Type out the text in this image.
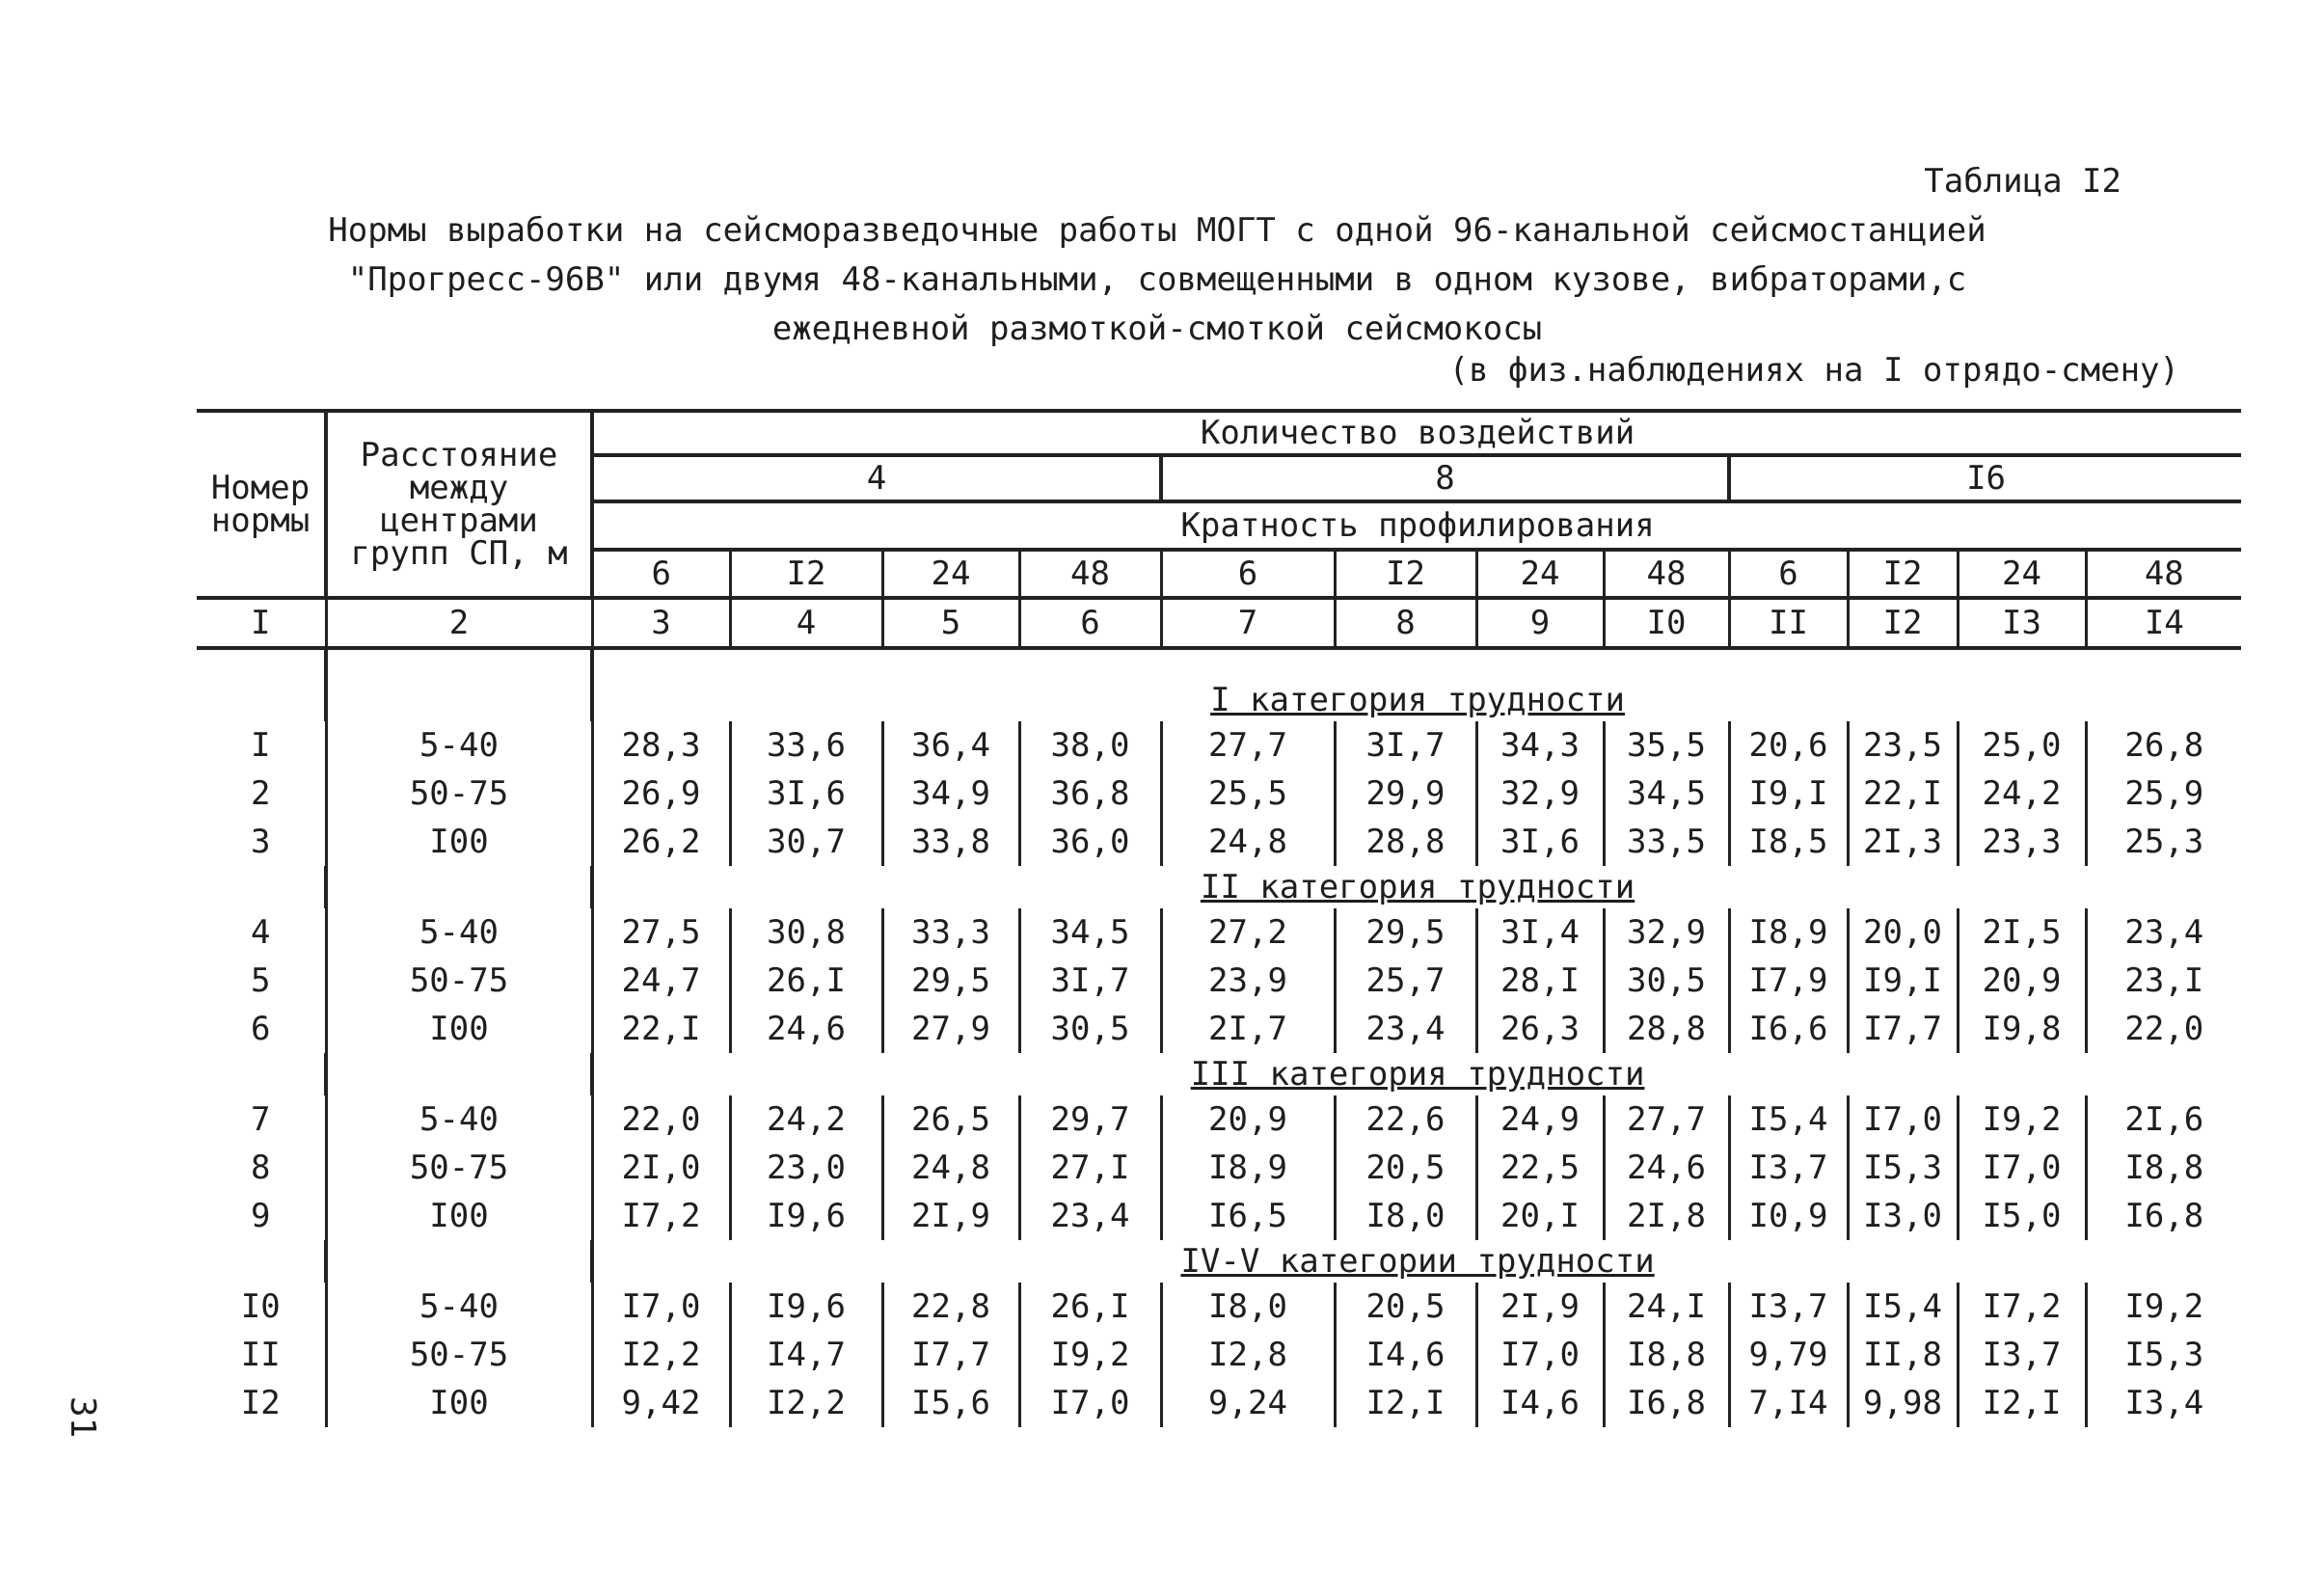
Таблица I2
Нормы выработки на сейсморазведочные работы МОГТ с одной 96-канальной сейсмостанцией
"Прогресс-96В" или двумя 48-канальными, совмещенными в одном кузове, вибраторами,с
ежедневной размоткой-смоткой сейсмокосы
(в физ.наблюдениях на I отрядо-смену)
31
Номер нормы	Расстояние между центрами групп СП, м	Количество воздействий											
		4				8				I6			
		Кратность профилирования											
		6	I2	24	48	6	I2	24	48	6	I2	24	48
I	2	3	4	5	6	7	8	9	I0	II	I2	I3	I4

		I категория трудности											
I	5-40	28,3	33,6	36,4	38,0	27,7	3I,7	34,3	35,5	20,6	23,5	25,0	26,8
2	50-75	26,9	3I,6	34,9	36,8	25,5	29,9	32,9	34,5	I9,I	22,I	24,2	25,9
3	I00	26,2	30,7	33,8	36,0	24,8	28,8	3I,6	33,5	I8,5	2I,3	23,3	25,3
		II категория трудности											
4	5-40	27,5	30,8	33,3	34,5	27,2	29,5	3I,4	32,9	I8,9	20,0	2I,5	23,4
5	50-75	24,7	26,I	29,5	3I,7	23,9	25,7	28,I	30,5	I7,9	I9,I	20,9	23,I
6	I00	22,I	24,6	27,9	30,5	2I,7	23,4	26,3	28,8	I6,6	I7,7	I9,8	22,0
		III категория трудности											
7	5-40	22,0	24,2	26,5	29,7	20,9	22,6	24,9	27,7	I5,4	I7,0	I9,2	2I,6
8	50-75	2I,0	23,0	24,8	27,I	I8,9	20,5	22,5	24,6	I3,7	I5,3	I7,0	I8,8
9	I00	I7,2	I9,6	2I,9	23,4	I6,5	I8,0	20,I	2I,8	I0,9	I3,0	I5,0	I6,8
		IV-V категории трудности											
I0	5-40	I7,0	I9,6	22,8	26,I	I8,0	20,5	2I,9	24,I	I3,7	I5,4	I7,2	I9,2
II	50-75	I2,2	I4,7	I7,7	I9,2	I2,8	I4,6	I7,0	I8,8	9,79	II,8	I3,7	I5,3
I2	I00	9,42	I2,2	I5,6	I7,0	9,24	I2,I	I4,6	I6,8	7,I4	9,98	I2,I	I3,4
